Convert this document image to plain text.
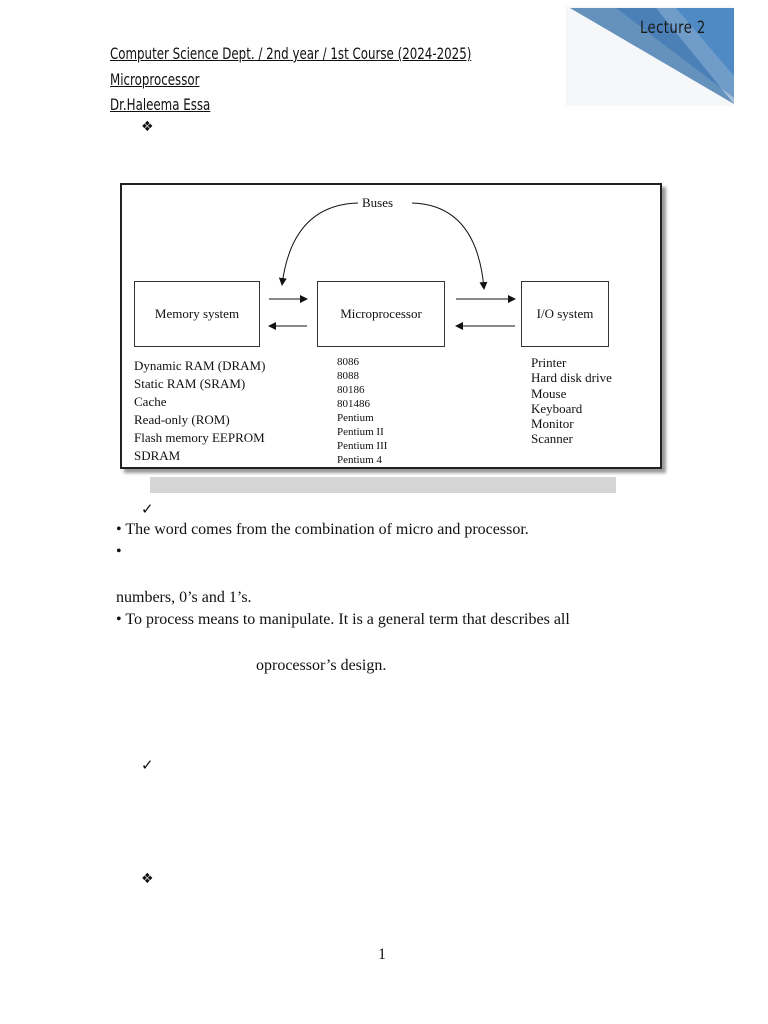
Lecture 2
Computer Science Dept. / 2nd year / 1st Course (2024-2025)
Microprocessor
Dr.Haleema Essa
❖
Buses
Memory system	Microprocessor	I/O system
Dynamic RAM (DRAM)
Static RAM (SRAM)
Cache
Read-only (ROM)
Flash memory EEPROM
SDRAM
8086
8088
80186
801486
Pentium
Pentium II
Pentium III
Pentium 4
Printer
Hard disk drive
Mouse
Keyboard
Monitor
Scanner
✓
• The word comes from the combination of micro and processor.
•
numbers, 0’s and 1’s.
• To process means to manipulate. It is a general term that describes all
oprocessor’s design.
✓
❖
1
